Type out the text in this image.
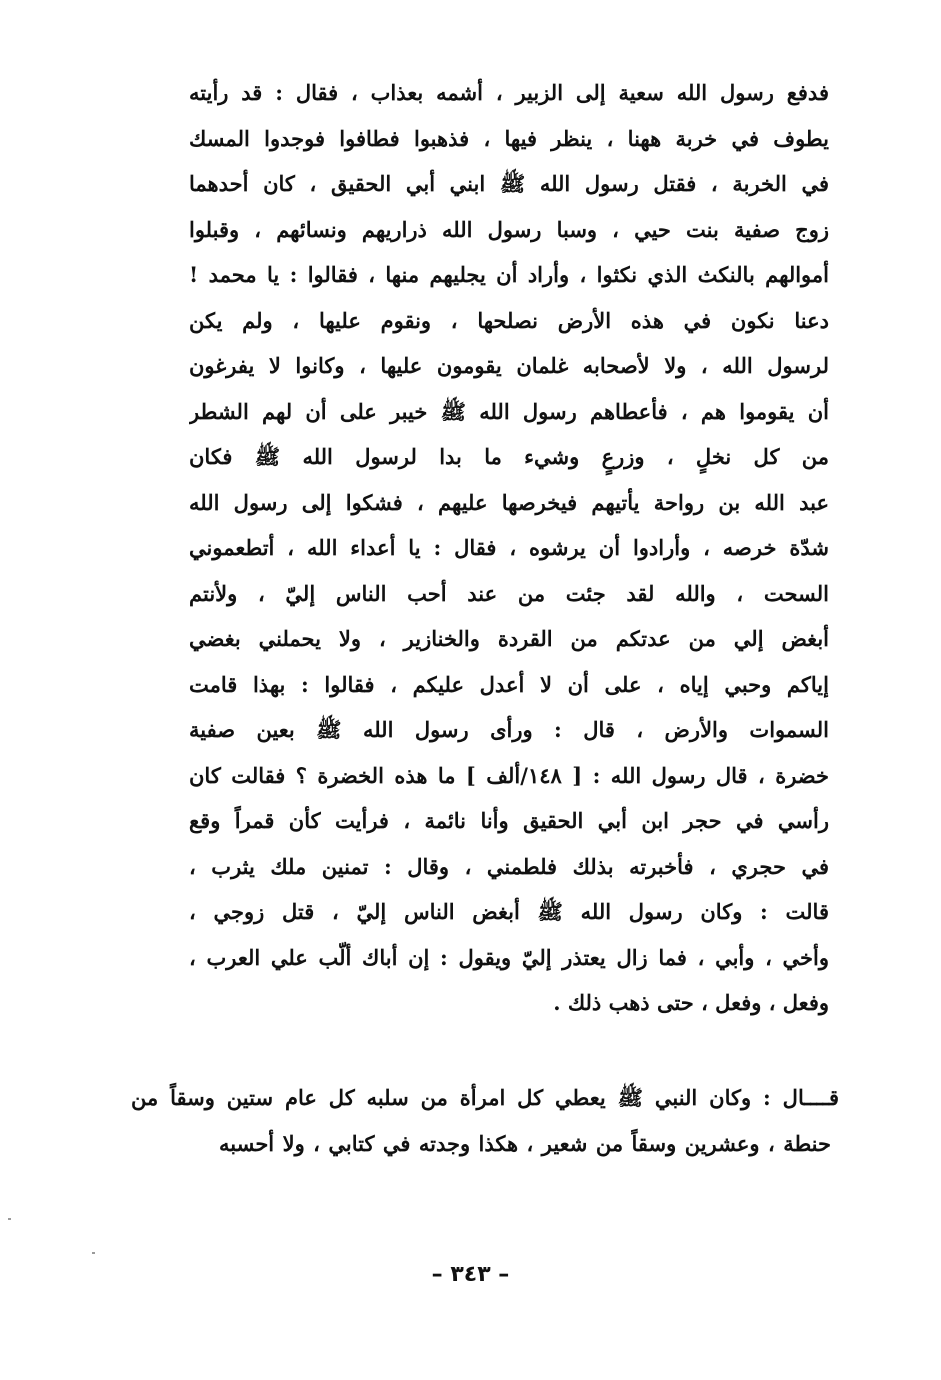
فدفع رسول الله سعية إلى الزبير ، أشمه بعذاب ، فقال : قد رأيته
يطوف في خربة ههنا ، ينظر فيها ، فذهبوا فطافوا فوجدوا المسك
في الخربة ، فقتل رسول الله ﷺ ابني أبي الحقيق ، كان أحدهما
زوج صفية بنت حيي ، وسبا رسول الله ذراريهم ونسائهم ، وقبلوا
أموالهم بالنكث الذي نكثوا ، وأراد أن يجليهم منها ، فقالوا : يا محمد !
دعنا نكون في هذه الأرض نصلحها ، ونقوم عليها ، ولم يكن
لرسول الله ، ولا لأصحابه غلمان يقومون عليها ، وكانوا لا يفرغون
أن يقوموا هم ، فأعطاهم رسول الله ﷺ خيبر على أن لهم الشطر
من كل نخلٍ ، وزرعٍ وشيء ما بدا لرسول الله ﷺ فكان
عبد الله بن رواحة يأتيهم فيخرصها عليهم ، فشكوا إلى رسول الله
شدّة خرصه ، وأرادوا أن يرشوه ، فقال : يا أعداء الله ، أتطعموني
السحت ، والله لقد جئت من عند أحب الناس إليّ ، ولأنتم
أبغض إلي من عدتكم من القردة والخنازير ، ولا يحملني بغضي
إياكم وحبي إياه ، على أن لا أعدل عليكم ، فقالوا : بهذا قامت
السموات والأرض ، قال : ورأى رسول الله ﷺ بعين صفية
خضرة ، قال رسول الله : [ ١٤٨/ألف ] ما هذه الخضرة ؟ فقالت كان
رأسي في حجر ابن أبي الحقيق وأنا نائمة ، فرأيت كأن قمراً وقع
في حجري ، فأخبرته بذلك فلطمني ، وقال : تمنين ملك يثرب ،
قالت : وكان رسول الله ﷺ أبغض الناس إليّ ، قتل زوجي ،
وأخي ، وأبي ، فما زال يعتذر إليّ ويقول : إن أباك ألّب علي العرب ،
وفعل ، وفعل ، حتى ذهب ذلك .
قــــال : وكان النبي ﷺ يعطي كل امرأة من سلبه كل عام ستين وسقاً من
حنطة ، وعشرين وسقاً من شعير ، هكذا وجدته في كتابي ، ولا أحسبه
– ٣٤٣ –
